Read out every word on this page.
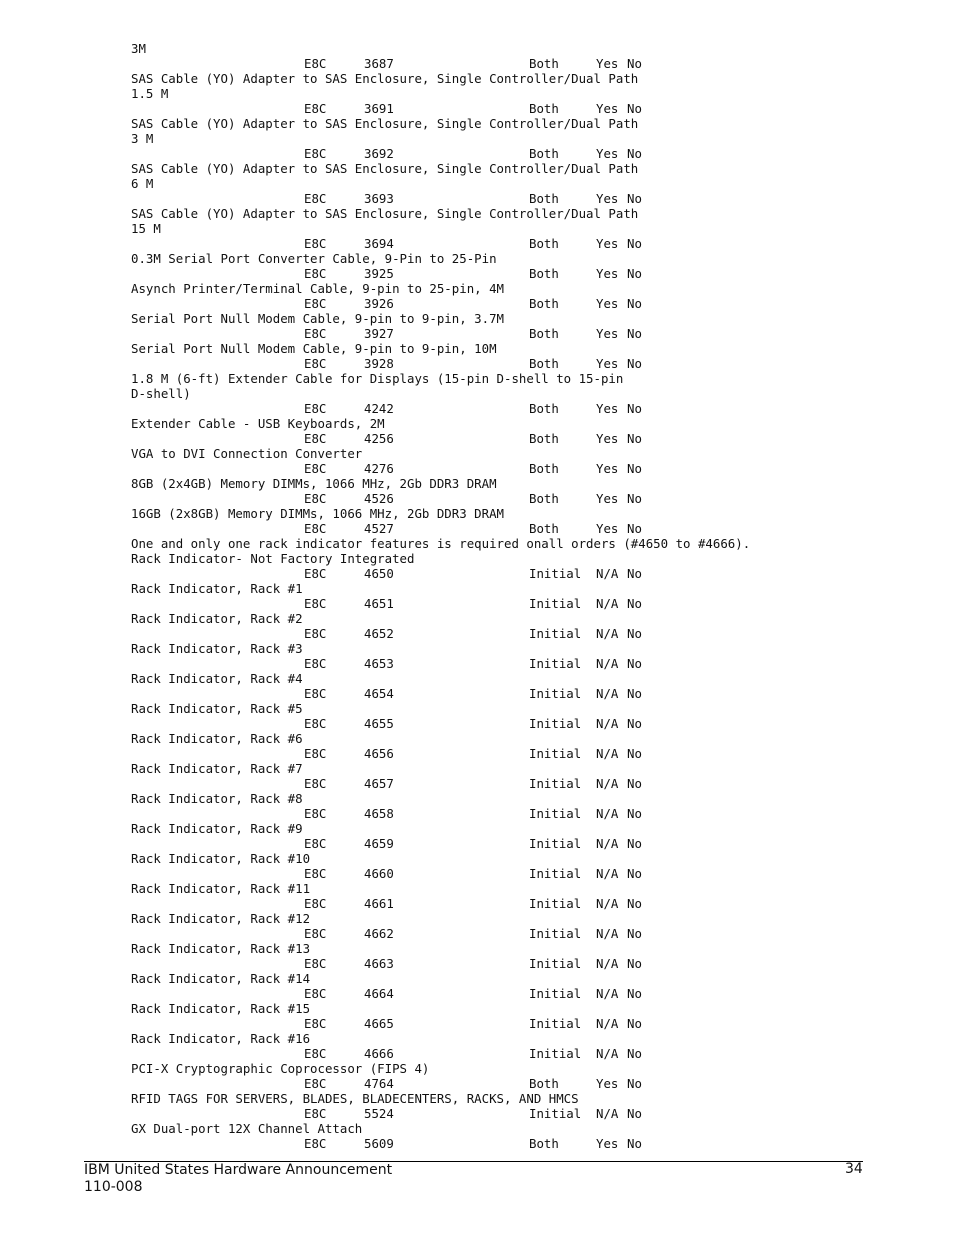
3M
E8C	3687	Both	Yes No
SAS Cable (YO) Adapter to SAS Enclosure, Single Controller/Dual Path
1.5 M
E8C	3691	Both	Yes No
SAS Cable (YO) Adapter to SAS Enclosure, Single Controller/Dual Path
3 M
E8C	3692	Both	Yes No
SAS Cable (YO) Adapter to SAS Enclosure, Single Controller/Dual Path
6 M
E8C	3693	Both	Yes No
SAS Cable (YO) Adapter to SAS Enclosure, Single Controller/Dual Path
15 M
E8C	3694	Both	Yes No
0.3M Serial Port Converter Cable, 9-Pin to 25-Pin
E8C	3925	Both	Yes No
Asynch Printer/Terminal Cable, 9-pin to 25-pin, 4M
E8C	3926	Both	Yes No
Serial Port Null Modem Cable, 9-pin to 9-pin, 3.7M
E8C	3927	Both	Yes No
Serial Port Null Modem Cable, 9-pin to 9-pin, 10M
E8C	3928	Both	Yes No
1.8 M (6-ft) Extender Cable for Displays (15-pin D-shell to 15-pin
D-shell)
E8C	4242	Both	Yes No
Extender Cable - USB Keyboards, 2M
E8C	4256	Both	Yes No
VGA to DVI Connection Converter
E8C	4276	Both	Yes No
8GB (2x4GB) Memory DIMMs, 1066 MHz, 2Gb DDR3 DRAM
E8C	4526	Both	Yes No
16GB (2x8GB) Memory DIMMs, 1066 MHz, 2Gb DDR3 DRAM
E8C	4527	Both	Yes No
One and only one rack indicator features is required onall orders (#4650 to #4666).
Rack Indicator- Not Factory Integrated
E8C	4650	Initial N/A No
Rack Indicator, Rack #1
E8C	4651	Initial N/A No
Rack Indicator, Rack #2
E8C	4652	Initial N/A No
Rack Indicator, Rack #3
E8C	4653	Initial N/A No
Rack Indicator, Rack #4
E8C	4654	Initial N/A No
Rack Indicator, Rack #5
E8C	4655	Initial N/A No
Rack Indicator, Rack #6
E8C	4656	Initial N/A No
Rack Indicator, Rack #7
E8C	4657	Initial N/A No
Rack Indicator, Rack #8
E8C	4658	Initial N/A No
Rack Indicator, Rack #9
E8C	4659	Initial N/A No
Rack Indicator, Rack #10
E8C	4660	Initial N/A No
Rack Indicator, Rack #11
E8C	4661	Initial N/A No
Rack Indicator, Rack #12
E8C	4662	Initial N/A No
Rack Indicator, Rack #13
E8C	4663	Initial N/A No
Rack Indicator, Rack #14
E8C	4664	Initial N/A No
Rack Indicator, Rack #15
E8C	4665	Initial N/A No
Rack Indicator, Rack #16
E8C	4666	Initial N/A No
PCI-X Cryptographic Coprocessor (FIPS 4)
E8C	4764	Both	Yes No
RFID TAGS FOR SERVERS, BLADES, BLADECENTERS, RACKS, AND HMCS
E8C	5524	Initial N/A No
GX Dual-port 12X Channel Attach
E8C	5609	Both	Yes No
IBM United States Hardware Announcement
110-008
34
